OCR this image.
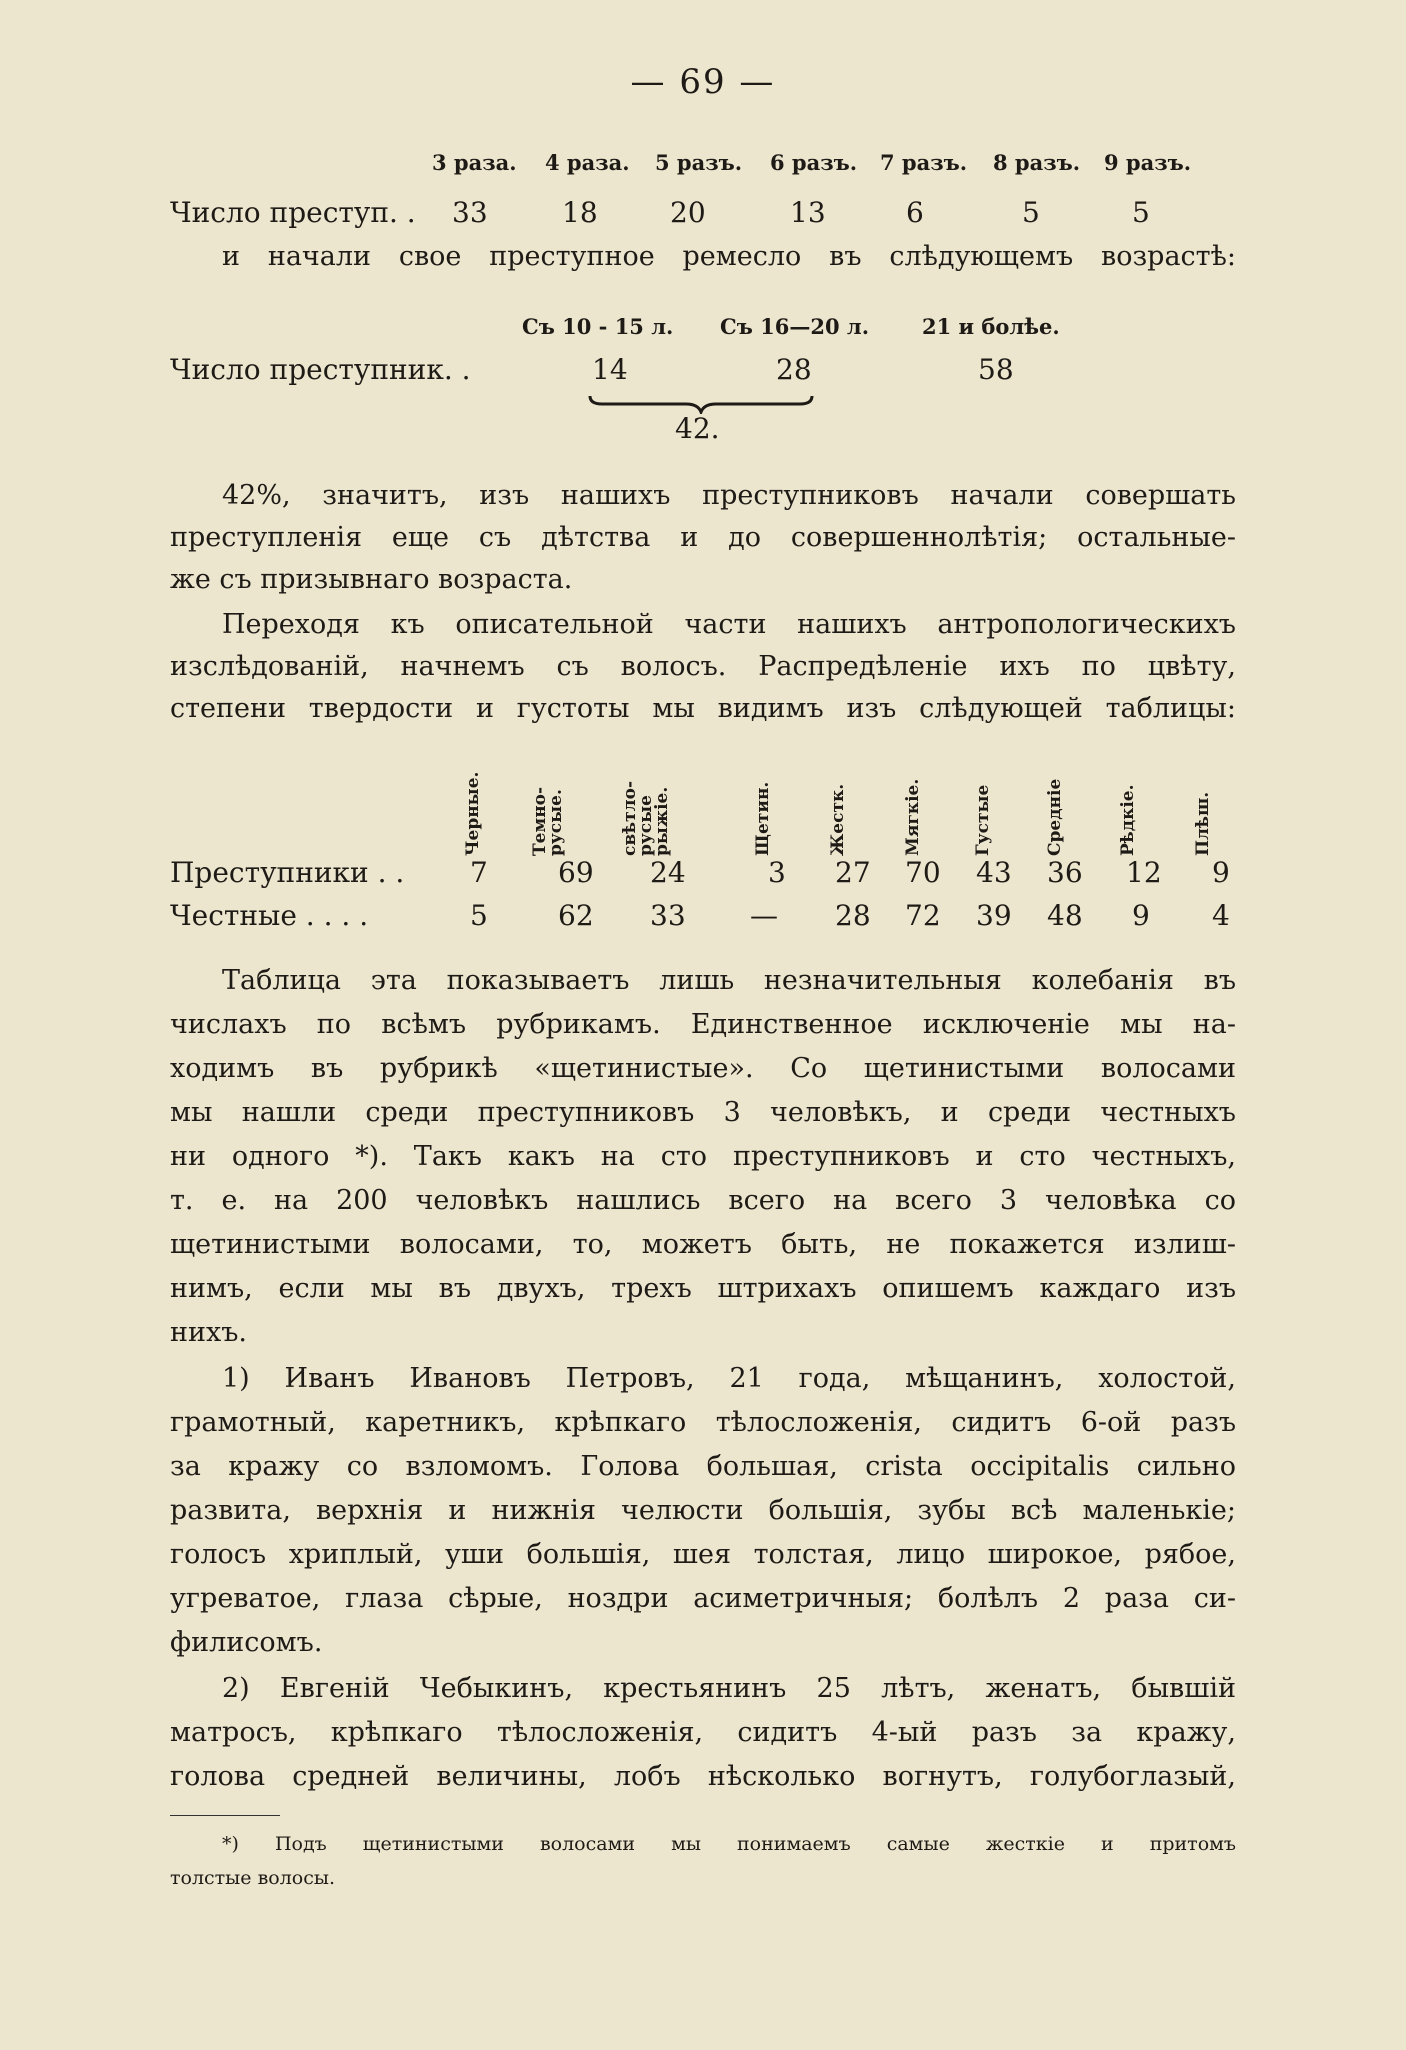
— 69 —
3 раза. 4 раза. 5 разъ. 6 разъ. 7 разъ. 8 разъ. 9 разъ.
Число преступ. . 33	18	20	13	6	5	5
и начали свое преступное ремесло въ слѣдующемъ возрастѣ:
Съ 10 - 15 л. Съ 16—20 л.	21 и болѣе.
Число преступник. .	14	28	58
42.
42%, значитъ, изъ нашихъ преступниковъ начали совершать
преступленія еще съ дѣтства и до совершеннолѣтія; остальные-
же съ призывнаго возраста.
Переходя къ описательной части нашихъ антропологическихъ
изслѣдованій, начнемъ съ волосъ. Распредѣленіе ихъ по цвѣту,
степени твердости и густоты мы видимъ изъ слѣдующей таблицы:
Черные.	Темно-русые.	свѣтло-русые рыжіе.	Щетин.	Жестк.	Мягкіе.	Густые	Средніе	Рѣдкіе.	Плѣш.
Преступники . . 7	69 24	3 27 70 43 36 12 9
Честные . . . .	5	62 33 — 28 72 39 48 9 4
Таблица эта показываетъ лишь незначительныя колебанія въ
числахъ по всѣмъ рубрикамъ. Единственное исключеніе мы на-
ходимъ въ рубрикѣ «щетинистые». Со щетинистыми волосами
мы нашли среди преступниковъ 3 человѣкъ, и среди честныхъ
ни одного *). Такъ какъ на сто преступниковъ и сто честныхъ,
т. е. на 200 человѣкъ нашлись всего на всего 3 человѣка со
щетинистыми волосами, то, можетъ быть, не покажется излиш-
нимъ, если мы въ двухъ, трехъ штрихахъ опишемъ каждаго изъ
нихъ.
1) Иванъ Ивановъ Петровъ, 21 года, мѣщанинъ, холостой,
грамотный, каретникъ, крѣпкаго тѣлосложенія, сидитъ 6-ой разъ
за кражу со взломомъ. Голова большая, crista occipitalis сильно
развита, верхнія и нижнія челюсти большія, зубы всѣ маленькіе;
голосъ хриплый, уши большія, шея толстая, лицо широкое, рябое,
угреватое, глаза сѣрые, ноздри асиметричныя; болѣлъ 2 раза си-
филисомъ.
2) Евгеній Чебыкинъ, крестьянинъ 25 лѣтъ, женатъ, бывшій
матросъ, крѣпкаго тѣлосложенія, сидитъ 4-ый разъ за кражу,
голова средней величины, лобъ нѣсколько вогнутъ, голубоглазый,
*) Подъ щетинистыми волосами мы понимаемъ самые жесткіе и притомъ
толстые волосы.
